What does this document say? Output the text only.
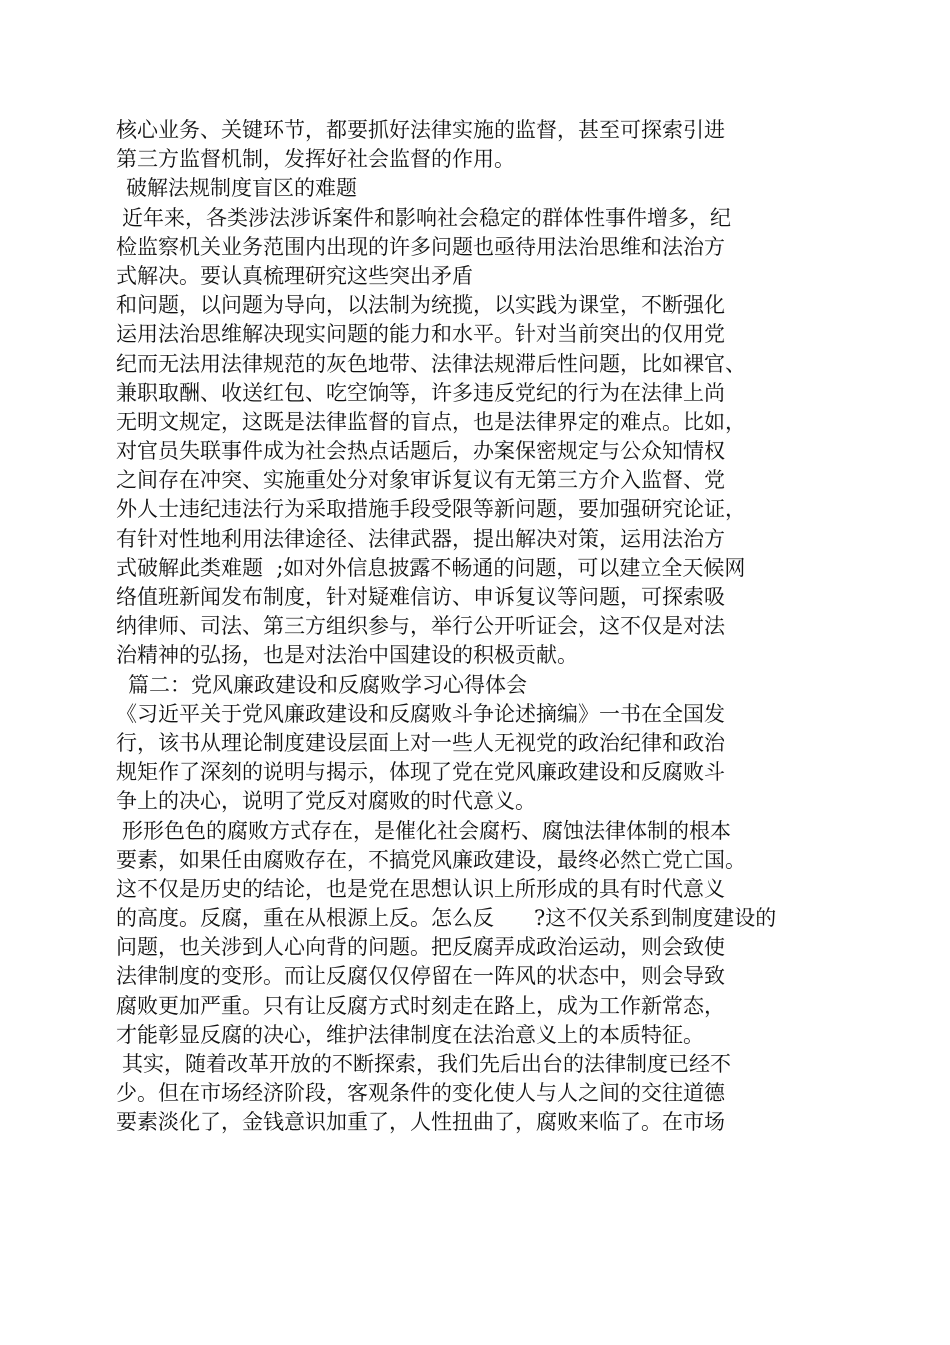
核心业务、关键环节，都要抓好法律实施的监督，甚至可探索引进
第三方监督机制，发挥好社会监督的作用。
破解法规制度盲区的难题
近年来，各类涉法涉诉案件和影响社会稳定的群体性事件增多，纪
检监察机关业务范围内出现的许多问题也亟待用法治思维和法治方
式解决。要认真梳理研究这些突出矛盾
和问题，以问题为导向，以法制为统揽，以实践为课堂，不断强化
运用法治思维解决现实问题的能力和水平。针对当前突出的仅用党
纪而无法用法律规范的灰色地带、法律法规滞后性问题，比如裸官、
兼职取酬、收送红包、吃空饷等，许多违反党纪的行为在法律上尚
无明文规定，这既是法律监督的盲点，也是法律界定的难点。比如，
对官员失联事件成为社会热点话题后，办案保密规定与公众知情权
之间存在冲突、实施重处分对象审诉复议有无第三方介入监督、党
外人士违纪违法行为采取措施手段受限等新问题，要加强研究论证，
有针对性地利用法律途径、法律武器，提出解决对策，运用法治方
式破解此类难题  ;如对外信息披露不畅通的问题，可以建立全天候网
络值班新闻发布制度，针对疑难信访、申诉复议等问题，可探索吸
纳律师、司法、第三方组织参与，举行公开听证会，这不仅是对法
治精神的弘扬，也是对法治中国建设的积极贡献。
篇二：党风廉政建设和反腐败学习心得体会
《习近平关于党风廉政建设和反腐败斗争论述摘编》一书在全国发
行，该书从理论制度建设层面上对一些人无视党的政治纪律和政治
规矩作了深刻的说明与揭示，体现了党在党风廉政建设和反腐败斗
争上的决心，说明了党反对腐败的时代意义。
形形色色的腐败方式存在，是催化社会腐朽、腐蚀法律体制的根本
要素，如果任由腐败存在，不搞党风廉政建设，最终必然亡党亡国。
这不仅是历史的结论，也是党在思想认识上所形成的具有时代意义
的高度。反腐，重在从根源上反。怎么反      ?这不仅关系到制度建设的
问题，也关涉到人心向背的问题。把反腐弄成政治运动，则会致使
法律制度的变形。而让反腐仅仅停留在一阵风的状态中，则会导致
腐败更加严重。只有让反腐方式时刻走在路上，成为工作新常态，
才能彰显反腐的决心，维护法律制度在法治意义上的本质特征。
其实，随着改革开放的不断探索，我们先后出台的法律制度已经不
少。但在市场经济阶段，客观条件的变化使人与人之间的交往道德
要素淡化了，金钱意识加重了，人性扭曲了，腐败来临了。在市场
